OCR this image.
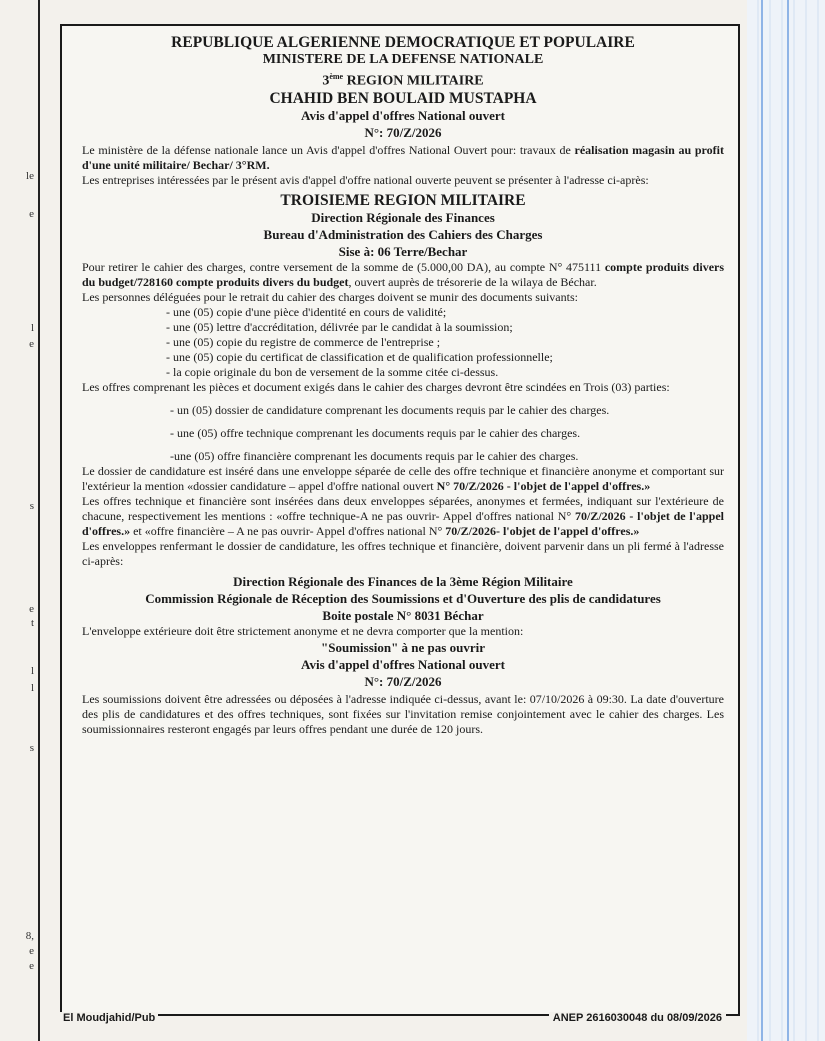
le
e
l
e
s
e
t
l
l
s
8,
e
e

REPUBLIQUE ALGERIENNE DEMOCRATIQUE ET POPULAIRE

MINISTERE DE LA DEFENSE NATIONALE

3ème REGION MILITAIRE

CHAHID BEN BOULAID MUSTAPHA

Avis d'appel d'offres National ouvert

N°: 70/Z/2026

Le ministère de la défense nationale lance un Avis d'appel d'offres National Ouvert pour: travaux de réalisation magasin au profit d'une unité militaire/ Bechar/ 3°RM.

Les entreprises intéressées par le présent avis d'appel d'offre national ouverte peuvent se présenter à l'adresse ci-après:

TROISIEME REGION MILITAIRE

Direction Régionale des Finances

Bureau d'Administration des Cahiers des Charges

Sise à: 06 Terre/Bechar

Pour retirer le cahier des charges, contre versement de la somme de (5.000,00 DA), au compte N° 475111 compte produits divers du budget/728160 compte produits divers du budget, ouvert auprès de trésorerie de la wilaya de Béchar.

Les personnes déléguées pour le retrait du cahier des charges doivent se munir des documents suivants:

- une (05) copie d'une pièce d'identité en cours de validité;

- une (05) lettre d'accréditation, délivrée par le candidat à la soumission;

- une (05) copie du registre de commerce de l'entreprise ;

- une (05) copie du certificat de classification et de qualification professionnelle;

- la copie originale du bon de versement de la somme citée ci-dessus.

Les offres comprenant les pièces et document exigés dans le cahier des charges devront être scindées en Trois (03) parties:

- un (05) dossier de candidature comprenant les documents requis par le cahier des charges.

- une (05) offre technique comprenant les documents requis par le cahier des charges.

-une (05) offre financière comprenant les documents requis par le cahier des charges.

Le dossier de candidature est inséré dans une enveloppe séparée de celle des offre technique et financière anonyme et comportant sur l'extérieur la mention «dossier candidature – appel d'offre national ouvert N° 70/Z/2026 - l'objet de l'appel d'offres.»

Les offres technique et financière sont insérées dans deux enveloppes séparées, anonymes et fermées, indiquant sur l'extérieure de chacune, respectivement les mentions : «offre technique-A ne pas ouvrir- Appel d'offres national N° 70/Z/2026 - l'objet de l'appel d'offres.» et «offre financière – A ne pas ouvrir- Appel d'offres national N° 70/Z/2026- l'objet de l'appel d'offres.»

Les enveloppes renfermant le dossier de candidature, les offres technique et financière, doivent parvenir dans un pli fermé à l'adresse ci-après:

Direction Régionale des Finances de la 3ème Région Militaire

Commission Régionale de Réception des Soumissions et d'Ouverture des plis de candidatures

Boite postale N° 8031 Béchar

L'enveloppe extérieure doit être strictement anonyme et ne devra comporter que la mention:

"Soumission" à ne pas ouvrir

Avis d'appel d'offres National ouvert

N°: 70/Z/2026

Les soumissions doivent être adressées ou déposées à l'adresse indiquée ci-dessus, avant le: 07/10/2026 à 09:30. La date d'ouverture des plis de candidatures et des offres techniques, sont fixées sur l'invitation remise conjointement avec le cahier des charges. Les soumissionnaires resteront engagés par leurs offres pendant une durée de 120 jours.

El Moudjahid/Pub	ANEP 2616030048 du 08/09/2026
